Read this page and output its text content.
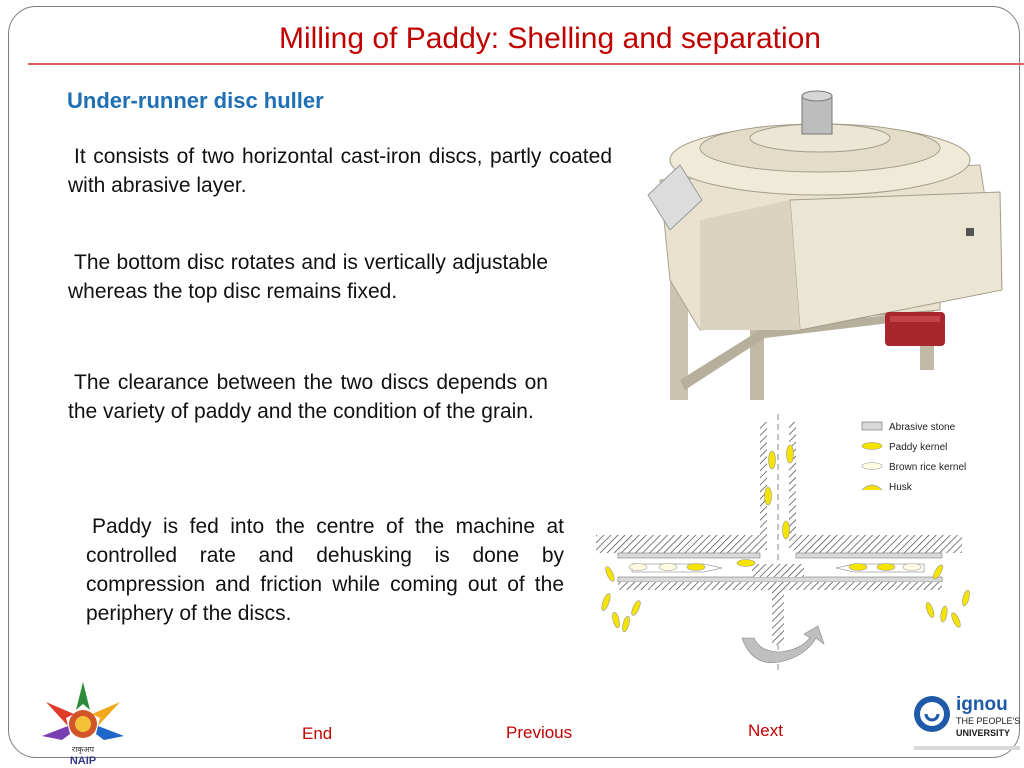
Milling of Paddy: Shelling and separation
Under-runner disc huller
It consists of two horizontal cast-iron discs, partly coated with abrasive layer.
The bottom disc rotates and is vertically adjustable whereas the top disc remains fixed.
The clearance between the two discs depends on the variety of paddy and the condition of the grain.
Paddy is fed into the centre of the machine at controlled rate and dehusking is done by compression and friction while coming out of the periphery of the discs.
Abrasive stone
Paddy kernel
Brown rice kernel
Husk
End	Previous	Next
राकृअप
NAIP
ignou
THE PEOPLE'S
UNIVERSITY
